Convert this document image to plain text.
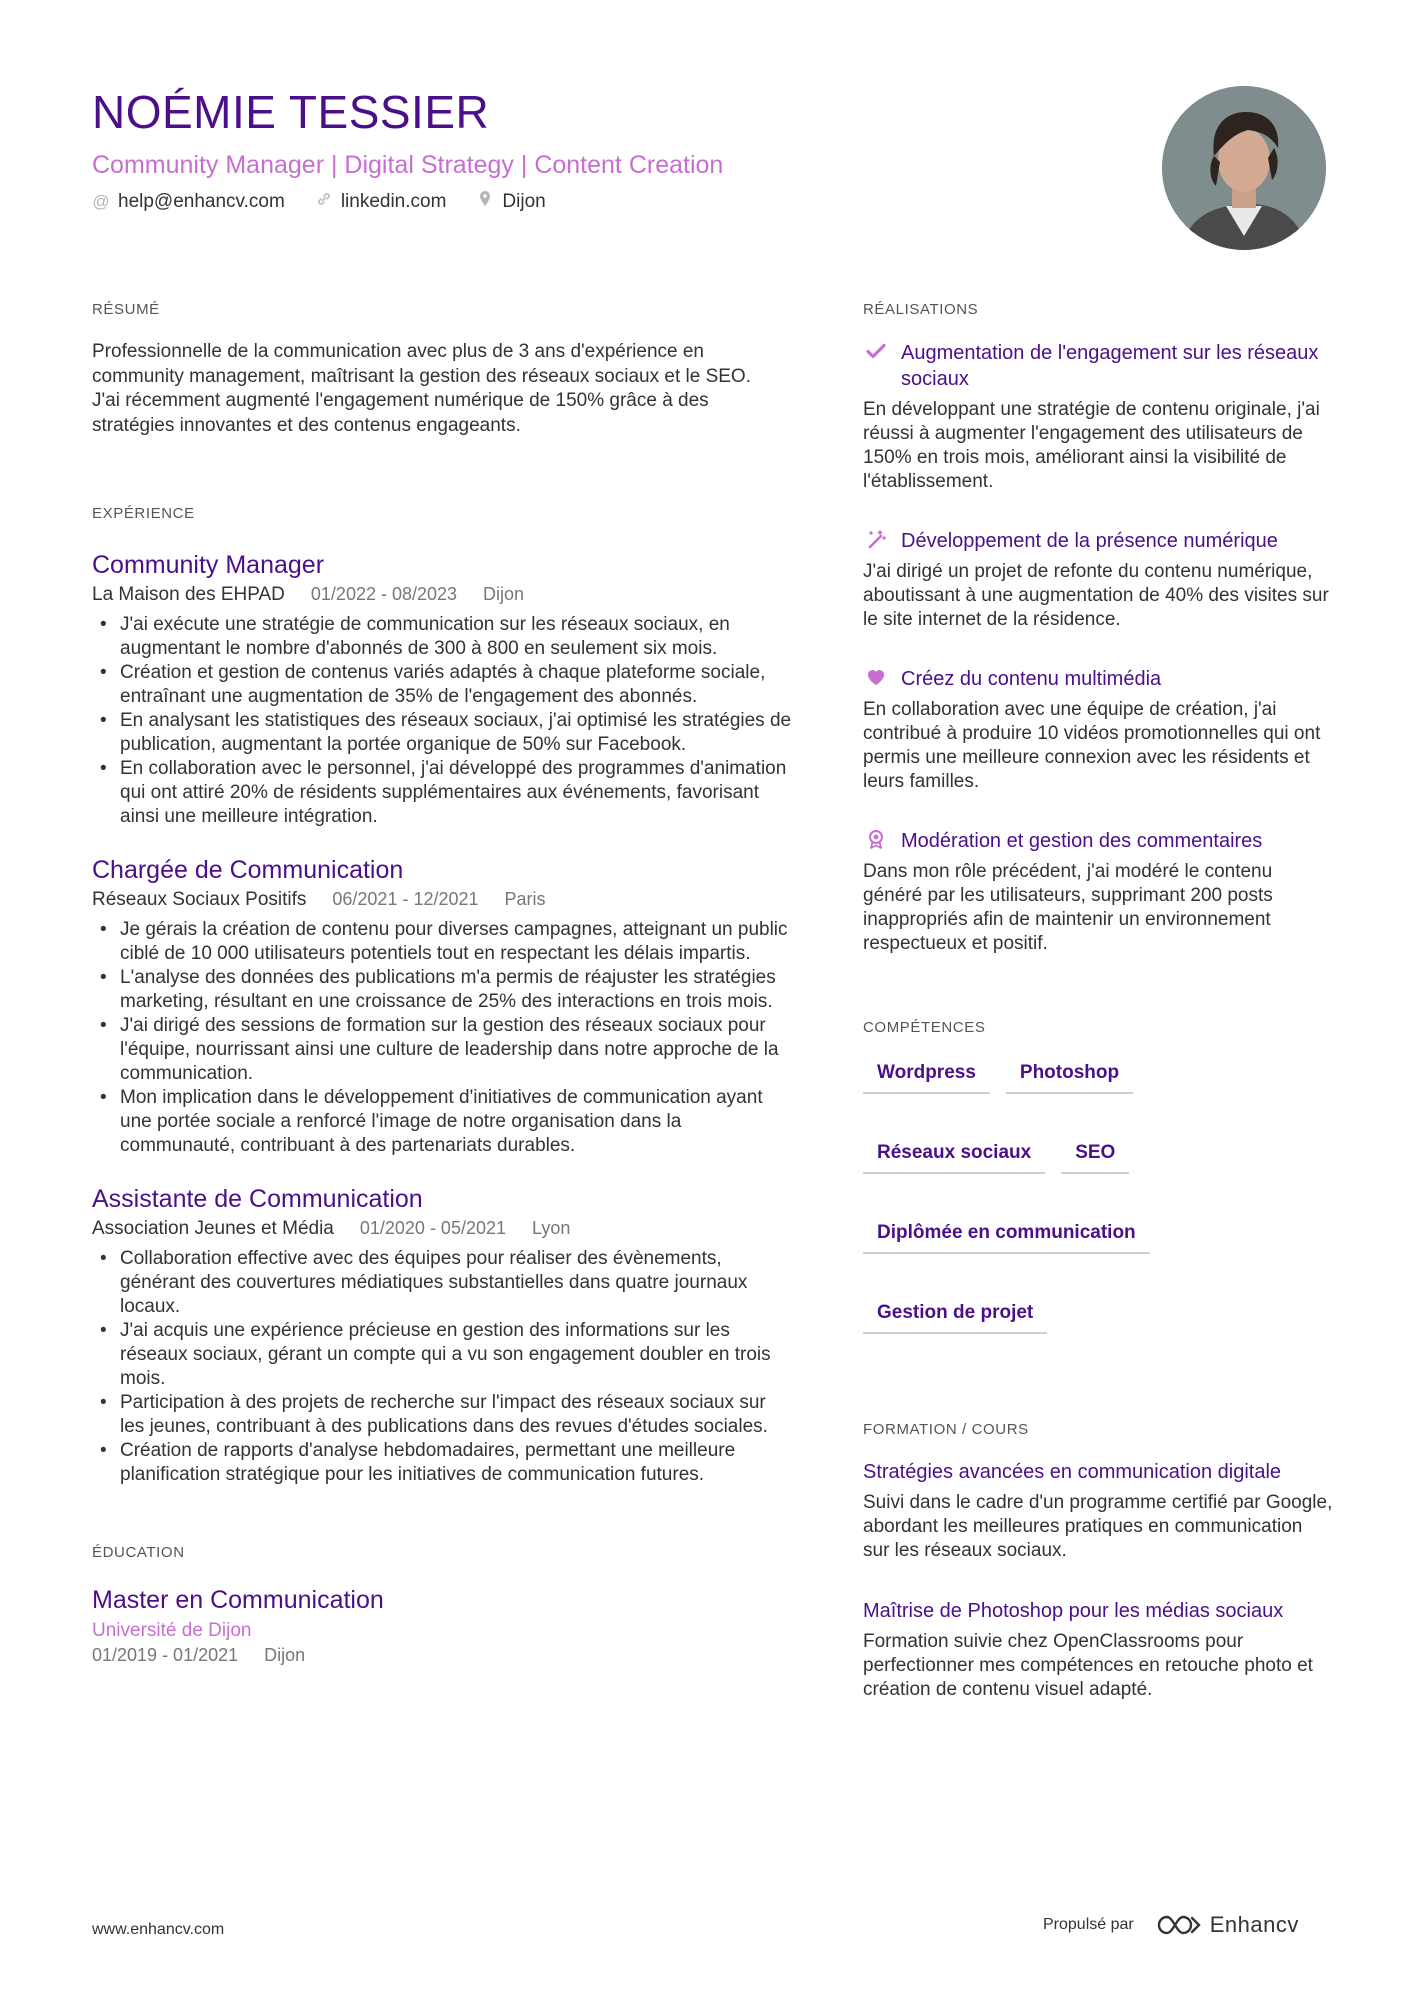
NOÉMIE TESSIER
Community Manager | Digital Strategy | Content Creation
@ help@enhancv.com	linkedin.com	Dijon
RÉSUMÉ
Professionnelle de la communication avec plus de 3 ans d'expérience en community management, maîtrisant la gestion des réseaux sociaux et le SEO. J'ai récemment augmenté l'engagement numérique de 150% grâce à des stratégies innovantes et des contenus engageants.
EXPÉRIENCE
Community Manager
La Maison des EHPAD 01/2022 - 08/2023 Dijon
• J'ai exécute une stratégie de communication sur les réseaux sociaux, en augmentant le nombre d'abonnés de 300 à 800 en seulement six mois.
• Création et gestion de contenus variés adaptés à chaque plateforme sociale, entraînant une augmentation de 35% de l'engagement des abonnés.
• En analysant les statistiques des réseaux sociaux, j'ai optimisé les stratégies de publication, augmentant la portée organique de 50% sur Facebook.
• En collaboration avec le personnel, j'ai développé des programmes d'animation qui ont attiré 20% de résidents supplémentaires aux événements, favorisant ainsi une meilleure intégration.
Chargée de Communication
Réseaux Sociaux Positifs 06/2021 - 12/2021 Paris
• Je gérais la création de contenu pour diverses campagnes, atteignant un public ciblé de 10 000 utilisateurs potentiels tout en respectant les délais impartis.
• L'analyse des données des publications m'a permis de réajuster les stratégies marketing, résultant en une croissance de 25% des interactions en trois mois.
• J'ai dirigé des sessions de formation sur la gestion des réseaux sociaux pour l'équipe, nourrissant ainsi une culture de leadership dans notre approche de la communication.
• Mon implication dans le développement d'initiatives de communication ayant une portée sociale a renforcé l'image de notre organisation dans la communauté, contribuant à des partenariats durables.
Assistante de Communication
Association Jeunes et Média 01/2020 - 05/2021 Lyon
• Collaboration effective avec des équipes pour réaliser des évènements, générant des couvertures médiatiques substantielles dans quatre journaux locaux.
• J'ai acquis une expérience précieuse en gestion des informations sur les réseaux sociaux, gérant un compte qui a vu son engagement doubler en trois mois.
• Participation à des projets de recherche sur l'impact des réseaux sociaux sur les jeunes, contribuant à des publications dans des revues d'études sociales.
• Création de rapports d'analyse hebdomadaires, permettant une meilleure planification stratégique pour les initiatives de communication futures.
ÉDUCATION
Master en Communication
Université de Dijon
01/2019 - 01/2021 Dijon
RÉALISATIONS
Augmentation de l'engagement sur les réseaux sociaux
En développant une stratégie de contenu originale, j'ai réussi à augmenter l'engagement des utilisateurs de 150% en trois mois, améliorant ainsi la visibilité de l'établissement.
Développement de la présence numérique
J'ai dirigé un projet de refonte du contenu numérique, aboutissant à une augmentation de 40% des visites sur le site internet de la résidence.
Créez du contenu multimédia
En collaboration avec une équipe de création, j'ai contribué à produire 10 vidéos promotionnelles qui ont permis une meilleure connexion avec les résidents et leurs familles.
Modération et gestion des commentaires
Dans mon rôle précédent, j'ai modéré le contenu généré par les utilisateurs, supprimant 200 posts inappropriés afin de maintenir un environnement respectueux et positif.
COMPÉTENCES
Wordpress	Photoshop
Réseaux sociaux	SEO
Diplômée en communication
Gestion de projet
FORMATION / COURS
Stratégies avancées en communication digitale
Suivi dans le cadre d'un programme certifié par Google, abordant les meilleures pratiques en communication sur les réseaux sociaux.
Maîtrise de Photoshop pour les médias sociaux
Formation suivie chez OpenClassrooms pour perfectionner mes compétences en retouche photo et création de contenu visuel adapté.
www.enhancv.com	Propulsé par	Enhancv
